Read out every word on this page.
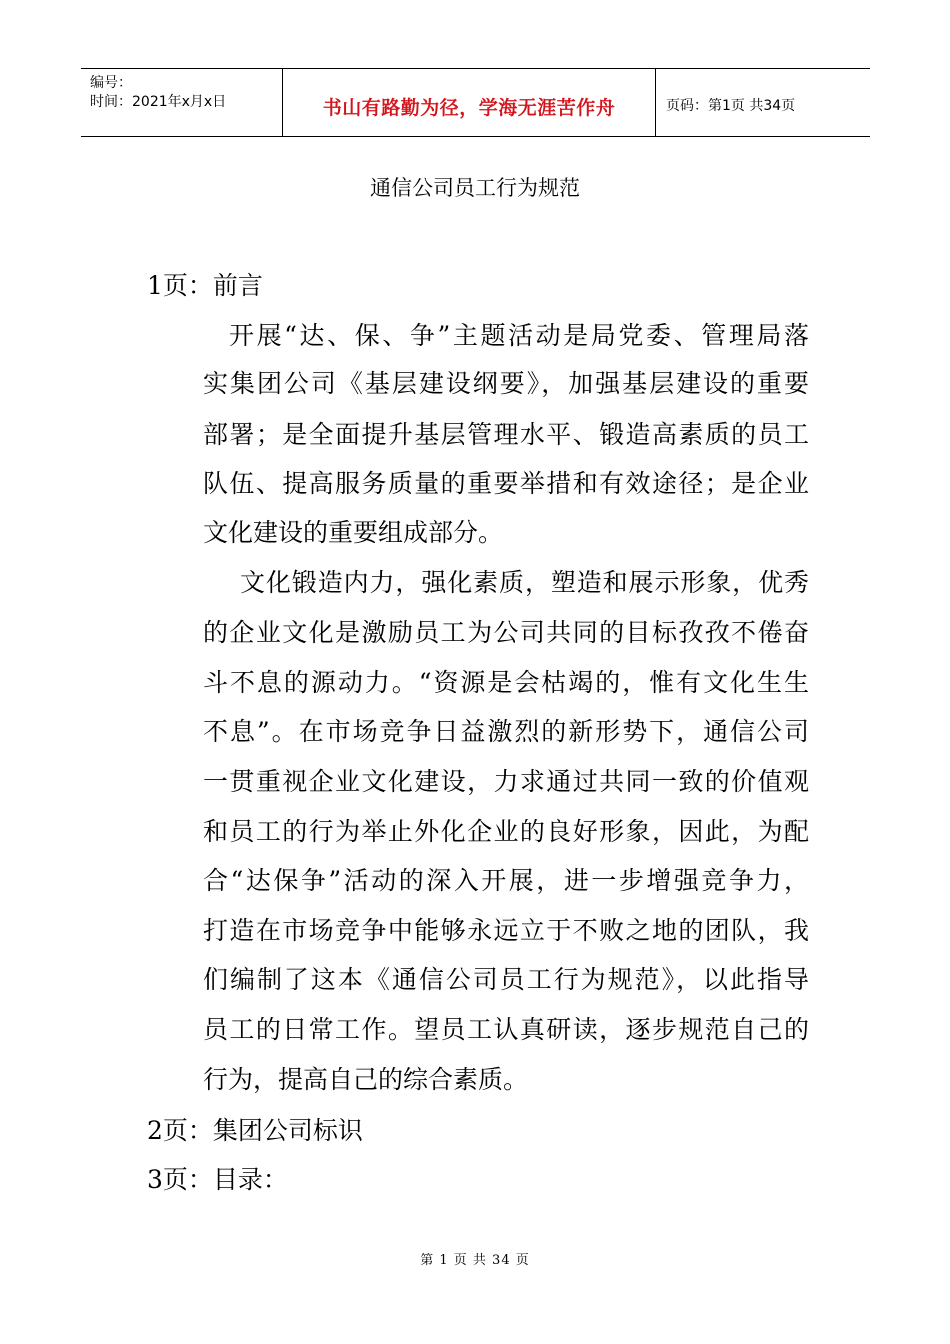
编号：
时间：2021年x月x日	书山有路勤为径，学海无涯苦作舟	页码：第1页 共34页
通信公司员工行为规范
1页：前言
开展“达、保、争”主题活动是局党委、管理局落
实集团公司《基层建设纲要》，加强基层建设的重要
部署；是全面提升基层管理水平、锻造高素质的员工
队伍、提高服务质量的重要举措和有效途径；是企业
文化建设的重要组成部分。
文化锻造内力，强化素质，塑造和展示形象，优秀
的企业文化是激励员工为公司共同的目标孜孜不倦奋
斗不息的源动力。“资源是会枯竭的，惟有文化生生
不息”。在市场竞争日益激烈的新形势下，通信公司
一贯重视企业文化建设，力求通过共同一致的价值观
和员工的行为举止外化企业的良好形象，因此，为配
合“达保争”活动的深入开展，进一步增强竞争力，
打造在市场竞争中能够永远立于不败之地的团队，我
们编制了这本《通信公司员工行为规范》，以此指导
员工的日常工作。望员工认真研读，逐步规范自己的
行为，提高自己的综合素质。
2页：集团公司标识
3页：目录：
第 1 页 共 34 页
